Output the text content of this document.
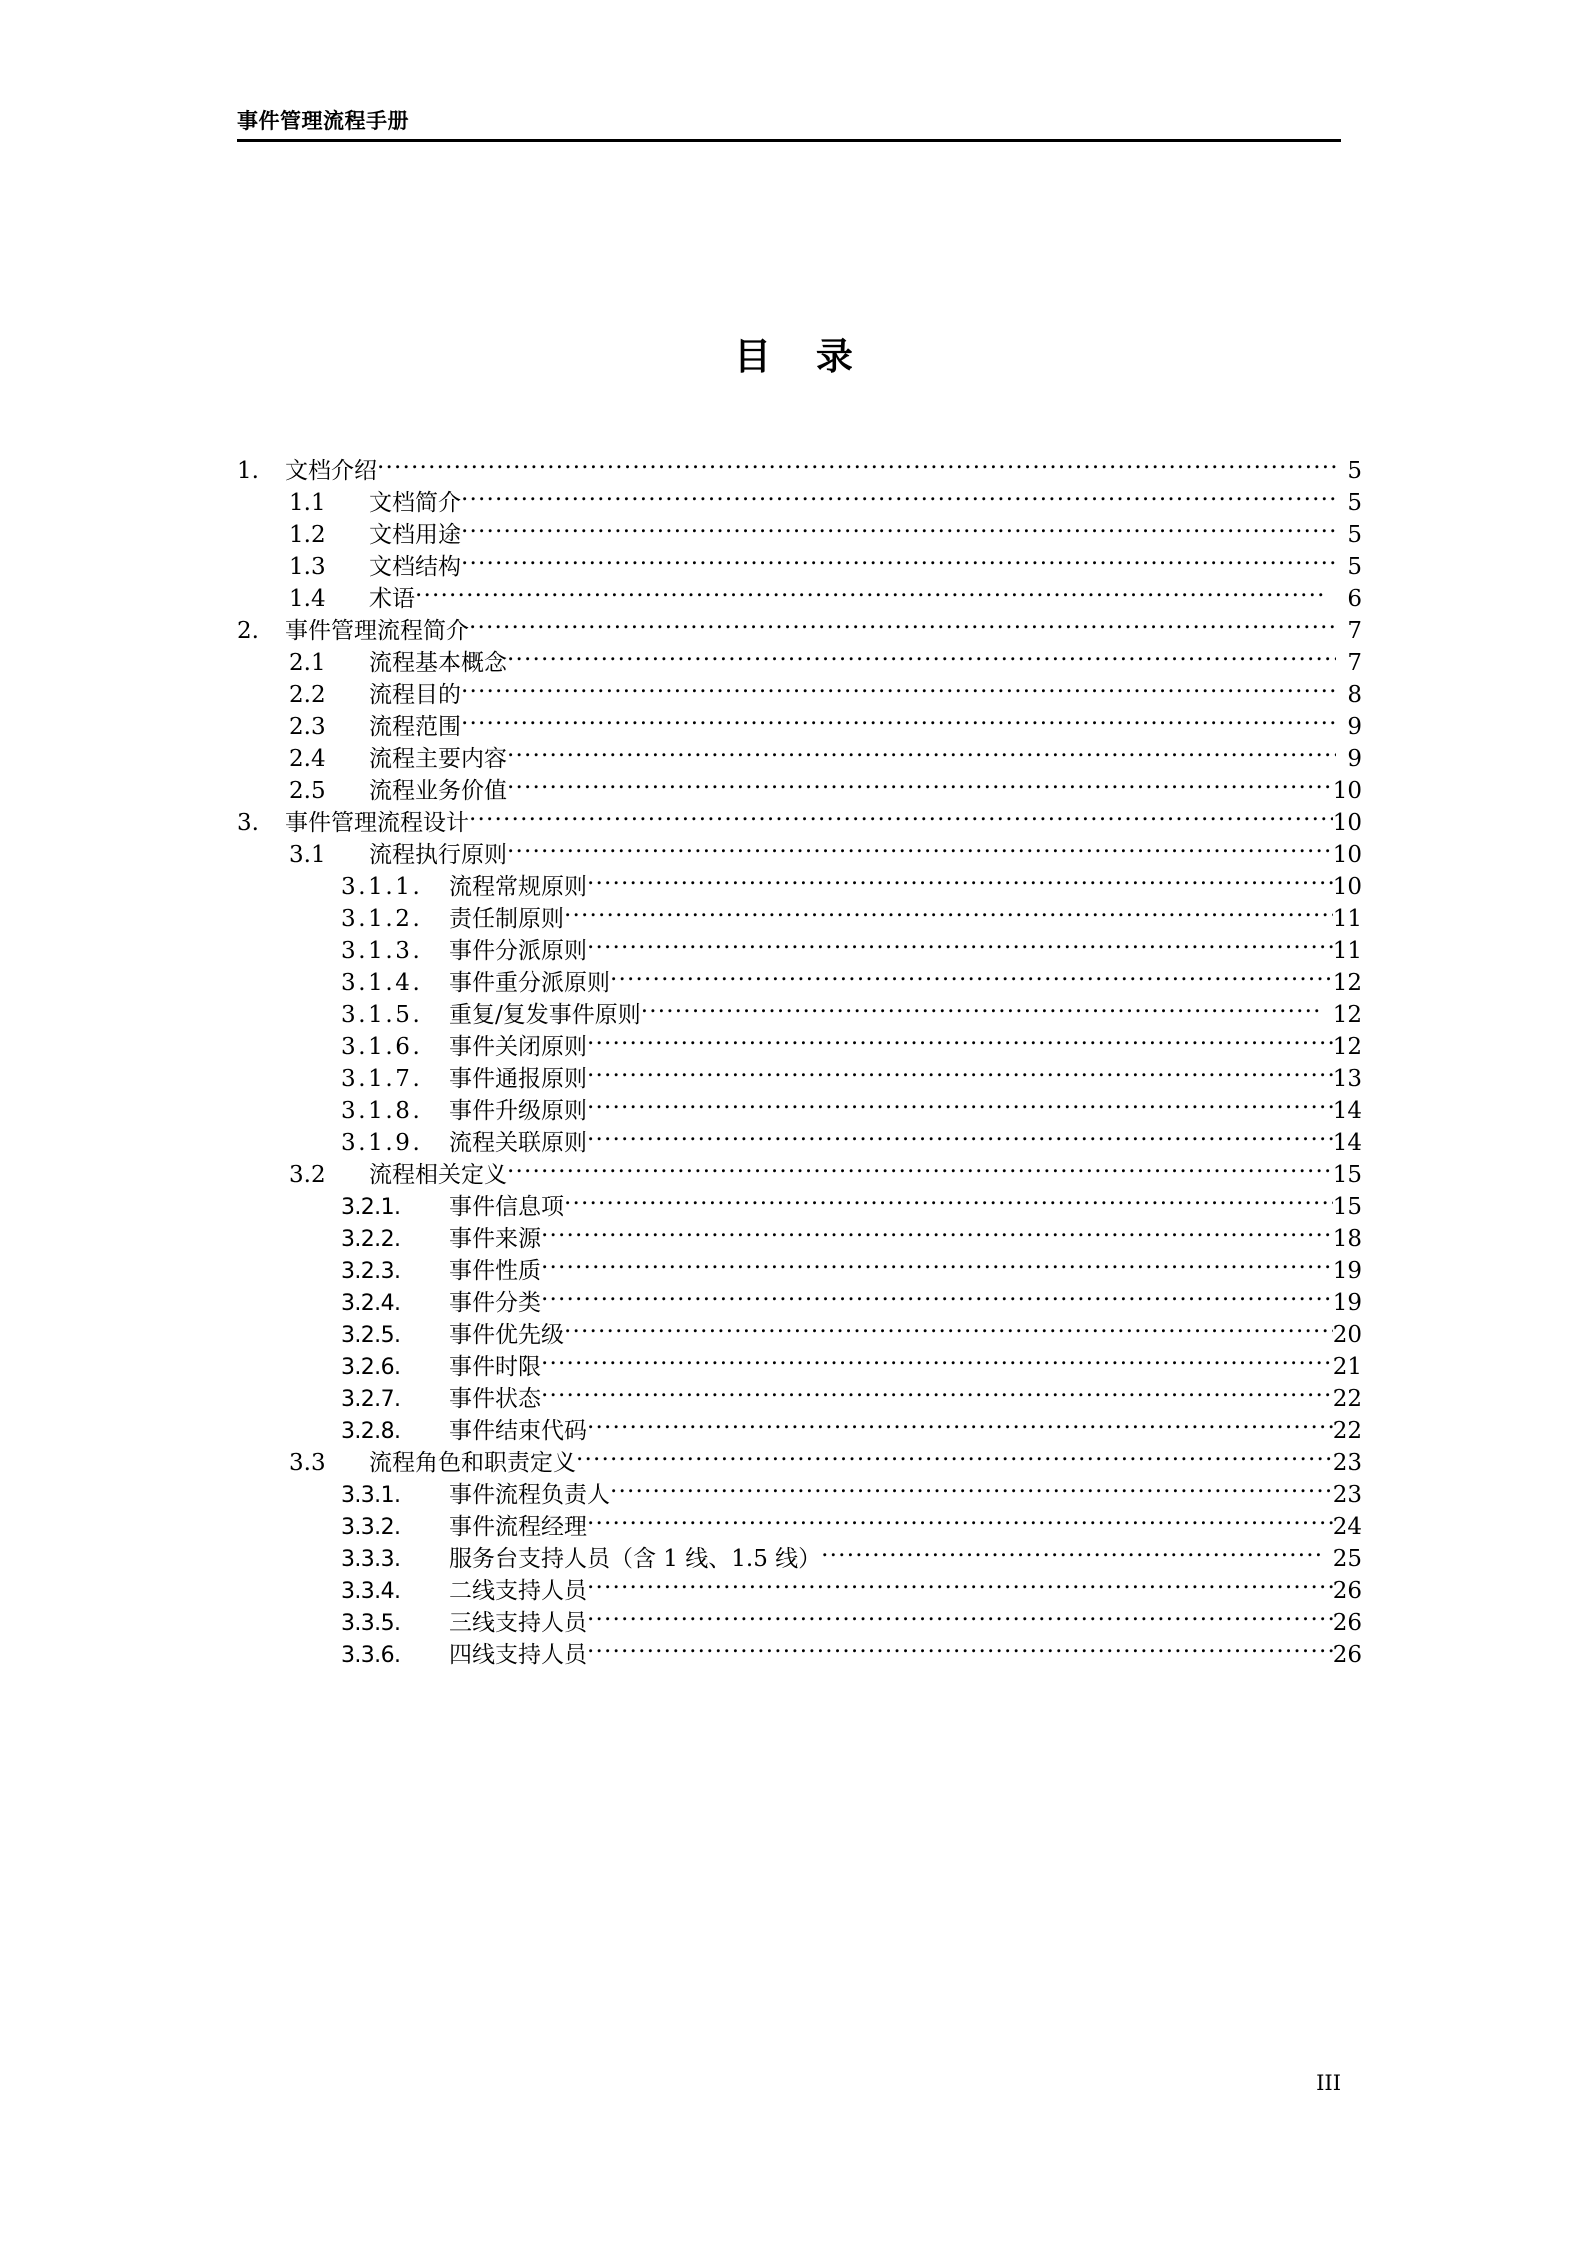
事件管理流程手册
目 录
1.	文档介绍 .....	5
1.1	文档简介 .....	5
1.2	文档用途 .....	5
1.3	文档结构 .....	5
1.4	术语 .....	6
2.	事件管理流程简介 .....	7
2.1	流程基本概念 .....	7
2.2	流程目的 .....	8
2.3	流程范围 .....	9
2.4	流程主要内容 .....	9
2.5	流程业务价值 .....	10
3.	事件管理流程设计 .....	10
3.1	流程执行原则 .....	10
3.1.1.	流程常规原则 .....	10
3.1.2.	责任制原则 .....	11
3.1.3.	事件分派原则 .....	11
3.1.4.	事件重分派原则 .....	12
3.1.5.	重复/复发事件原则 .....	12
3.1.6.	事件关闭原则 .....	12
3.1.7.	事件通报原则 .....	13
3.1.8.	事件升级原则 .....	14
3.1.9.	流程关联原则 .....	14
3.2	流程相关定义 .....	15
3.2.1.	事件信息项 .....	15
3.2.2.	事件来源 .....	18
3.2.3.	事件性质 .....	19
3.2.4.	事件分类 .....	19
3.2.5.	事件优先级 .....	20
3.2.6.	事件时限 .....	21
3.2.7.	事件状态 .....	22
3.2.8.	事件结束代码 .....	22
3.3	流程角色和职责定义 .....	23
3.3.1.	事件流程负责人 .....	23
3.3.2.	事件流程经理 .....	24
3.3.3.	服务台支持人员（含 1 线、1.5 线） .....	25
3.3.4.	二线支持人员 .....	26
3.3.5.	三线支持人员 .....	26
3.3.6.	四线支持人员 .....	26
III
